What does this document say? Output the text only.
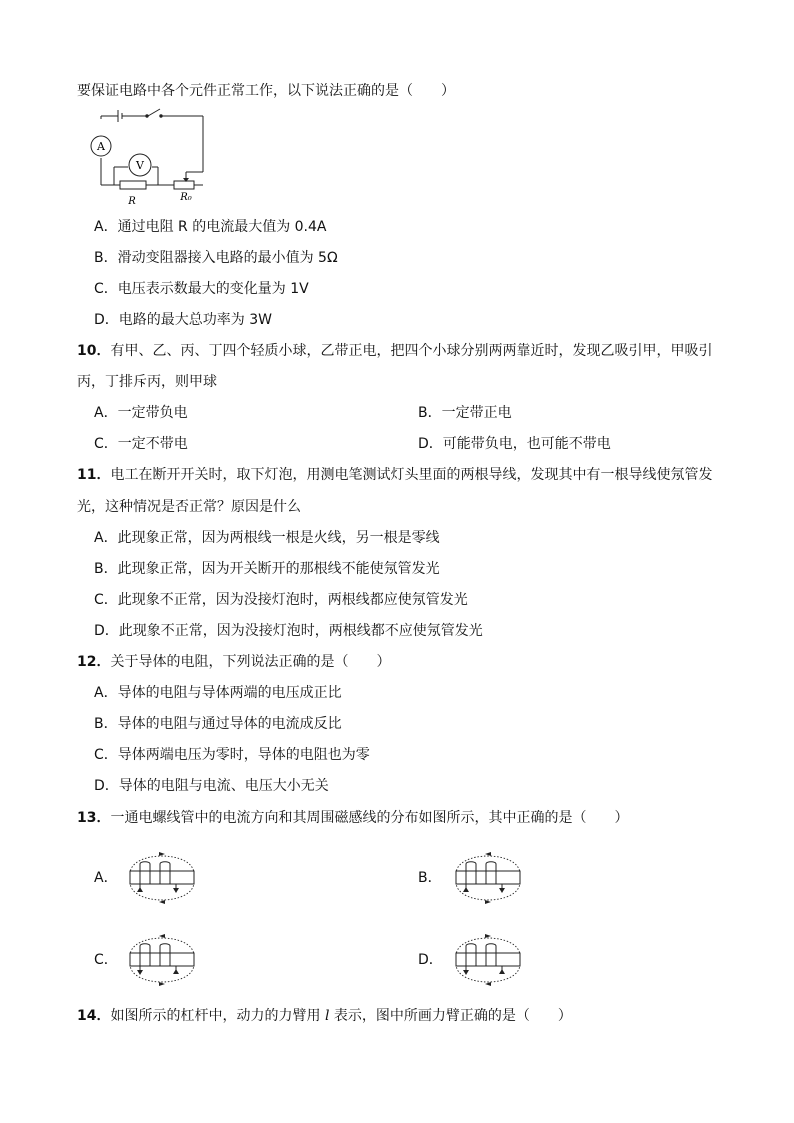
要保证电路中各个元件正常工作，以下说法正确的是（　　）
A
V
R	R₀
A．通过电阻 R 的电流最大值为 0.4A
B．滑动变阻器接入电路的最小值为 5Ω
C．电压表示数最大的变化量为 1V
D．电路的最大总功率为 3W
10．有甲、乙、丙、丁四个轻质小球，乙带正电，把四个小球分别两两靠近时，发现乙吸引甲，甲吸引
丙，丁排斥丙，则甲球
A．一定带负电	B．一定带正电
C．一定不带电	D．可能带负电，也可能不带电
11．电工在断开开关时，取下灯泡，用测电笔测试灯头里面的两根导线，发现其中有一根导线使氖管发
光，这种情况是否正常？原因是什么
A．此现象正常，因为两根线一根是火线，另一根是零线
B．此现象正常，因为开关断开的那根线不能使氖管发光
C．此现象不正常，因为没接灯泡时，两根线都应使氖管发光
D．此现象不正常，因为没接灯泡时，两根线都不应使氖管发光
12．关于导体的电阻，下列说法正确的是（　　）
A．导体的电阻与导体两端的电压成正比
B．导体的电阻与通过导体的电流成反比
C．导体两端电压为零时，导体的电阻也为零
D．导体的电阻与电流、电压大小无关
13．一通电螺线管中的电流方向和其周围磁感线的分布如图所示，其中正确的是（　　）
A．	B．
C．	D．
14．如图所示的杠杆中，动力的力臂用 l 表示，图中所画力臂正确的是（　　）
